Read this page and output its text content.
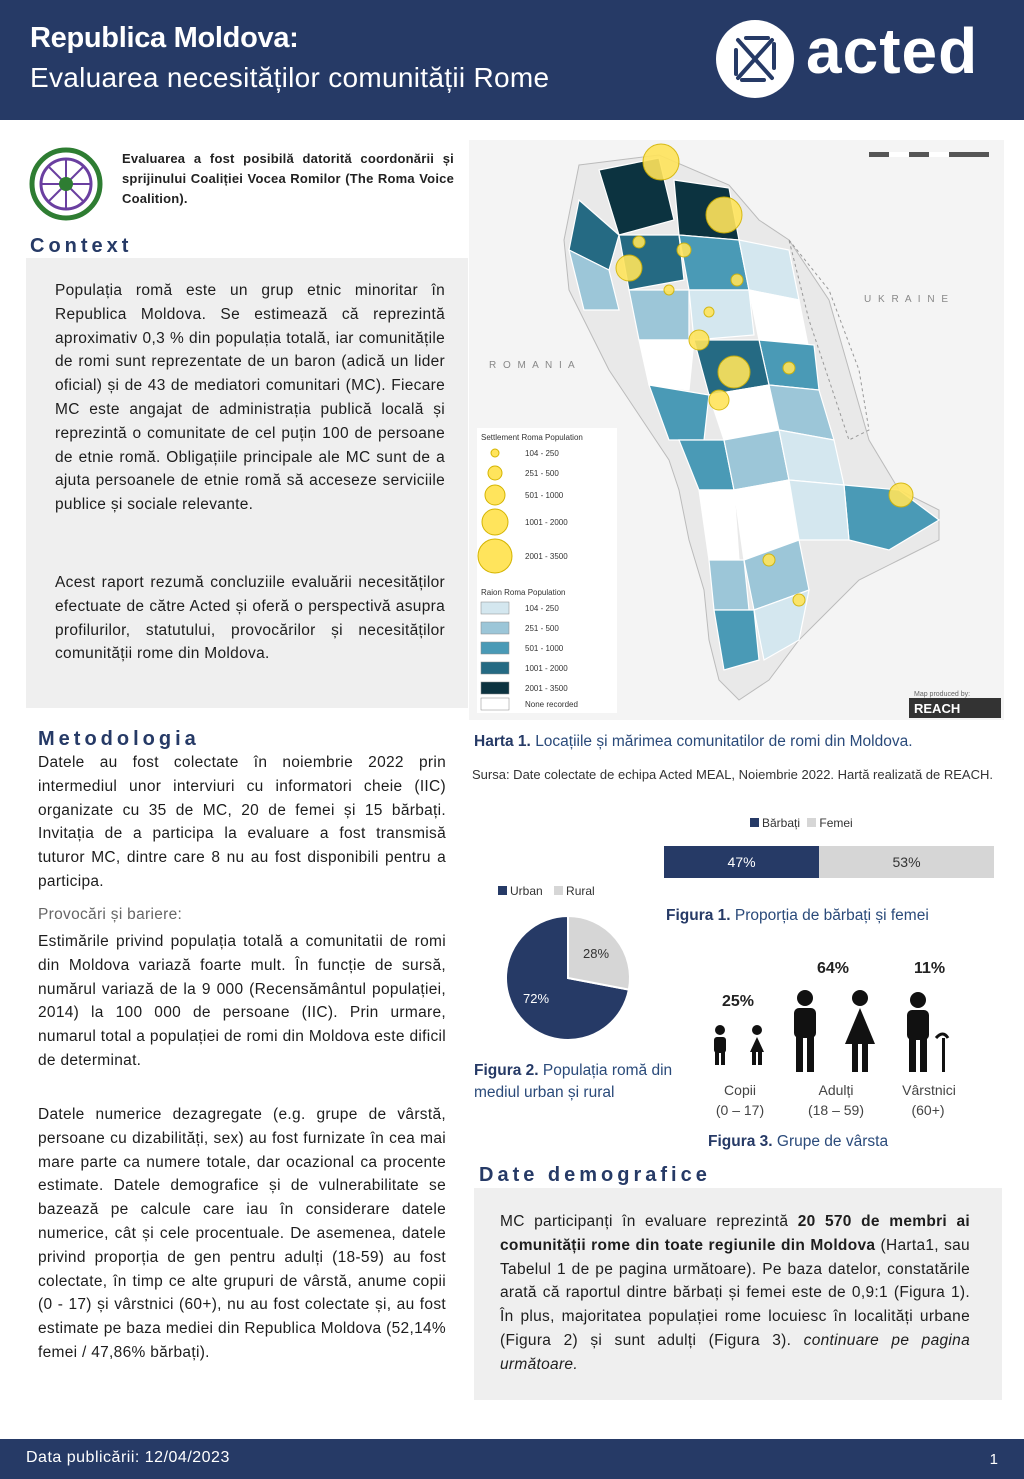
Republica Moldova:
Evaluarea necesităților comunității Rome	acted
Evaluarea a fost posibilă datorită coordonării și sprijinului Coaliției Vocea Romilor (The Roma Voice Coalition).
Context
Populația romă este un grup etnic minoritar în Republica Moldova. Se estimează că reprezintă aproximativ 0,3 % din populația totală, iar comunitățile de romi sunt reprezentate de un baron (adică un lider oficial) și de 43 de mediatori comunitari (MC). Fiecare MC este angajat de administrația publică locală și reprezintă o comunitate de cel puțin 100 de persoane de etnie romă. Obligațiile principale ale MC sunt de a ajuta persoanele de etnie romă să acceseze serviciile publice și sociale relevante.
Acest raport rezumă concluziile evaluării necesităților efectuate de către Acted și oferă o perspectivă asupra profilurilor, statutului, provocărilor și necesităților comunității rome din Moldova.
Metodologia
Datele au fost colectate în noiembrie 2022 prin intermediul unor interviuri cu informatori cheie (IIC) organizate cu 35 de MC, 20 de femei și 15 bărbați. Invitația de a participa la evaluare a fost transmisă tuturor MC, dintre care 8 nu au fost disponibili pentru a participa.
Provocări și bariere:
Estimările privind populația totală a comunitatii de romi din Moldova variază foarte mult. În funcție de sursă, numărul variază de la 9 000 (Recensământul populației, 2014) la 100 000 de persoane (IIC). Prin urmare, numarul total a populației de romi din Moldova este dificil de determinat.
Datele numerice dezagregate (e.g. grupe de vârstă, persoane cu dizabilități, sex) au fost furnizate în cea mai mare parte ca numere totale, dar ocazional ca procente estimate. Datele demografice și de vulnerabilitate se bazează pe calcule care iau în considerare datele numerice, cât și cele procentuale. De asemenea, datele privind proporția de gen pentru adulți (18-59) au fost colectate, în timp ce alte grupuri de vârstă, anume copii (0 - 17) și vârstnici (60+), nu au fost colectate și, au fost estimate pe baza mediei din Republica Moldova (52,14% femei / 47,86% bărbați).
U K R A I N E
R O M A N I A
Settlement Roma Population
104 - 250
251 - 500
501 - 1000
1001 - 2000
2001 - 3500
Raion Roma Population
104 - 250
251 - 500
501 - 1000
1001 - 2000
2001 - 3500
None recorded
Map produced by:
REACH
Harta 1. Locațiile și mărimea comunitatilor de romi din Moldova.
Sursa: Date colectate de echipa Acted MEAL, Noiembrie 2022. Hartă realizată de REACH.
Bărbați Femei
47%	53%
Figura 1. Proporția de bărbați și femei
Urban Rural
72%
28%
Figura 2. Populația romă din mediul urban și rural
25%
64%	11%
Copii
(0 – 17)
Adulți
(18 – 59)
Vârstnici
(60+)
Figura 3. Grupe de vârsta
Date demografice
MC participanți în evaluare reprezintă 20 570 de membri ai comunității rome din toate regiunile din Moldova (Harta1, sau Tabelul 1 de pe pagina următoare). Pe baza datelor, constatările arată că raportul dintre bărbați și femei este de 0,9:1 (Figura 1). În plus, majoritatea populației rome locuiesc în localități urbane (Figura 2) și sunt adulți (Figura 3). continuare pe pagina următoare.
Data publicării: 12/04/2023	1
